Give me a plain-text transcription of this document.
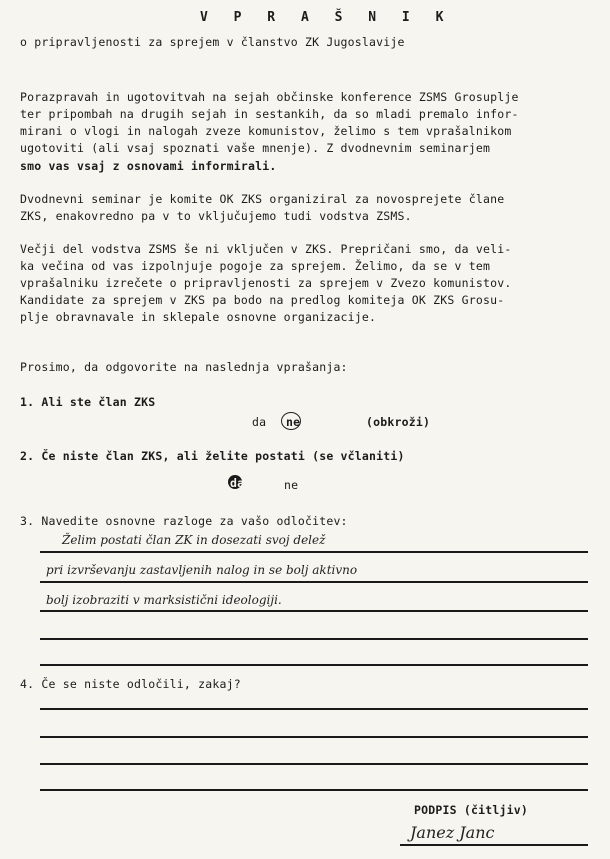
V P R A Š N I K
o pripravljenosti za sprejem v članstvo ZK Jugoslavije
Porazpravah in ugotovitvah na sejah občinske konference ZSMS Grosuplje
ter pripombah na drugih sejah in sestankih, da so mladi premalo infor-
mirani o vlogi in nalogah zveze komunistov, želimo s tem vprašalnikom
ugotoviti (ali vsaj spoznati vaše mnenje). Z dvodnevnim seminarjem
smo vas vsaj z osnovami informirali.
Dvodnevni seminar je komite OK ZKS organiziral za novosprejete člane
ZKS, enakovredno pa v to vključujemo tudi vodstva ZSMS.
Večji del vodstva ZSMS še ni vključen v ZKS. Prepričani smo, da veli-
ka večina od vas izpolnjuje pogoje za sprejem. Želimo, da se v tem
vprašalniku izrečete o pripravljenosti za sprejem v Zvezo komunistov.
Kandidate za sprejem v ZKS pa bodo na predlog komiteja OK ZKS Grosu-
plje obravnavale in sklepale osnovne organizacije.
Prosimo, da odgovorite na naslednja vprašanja:
1. Ali ste član ZKS
da ne	(obkroži)
2. Če niste član ZKS, ali želite postati (se včlaniti)
da	ne
3. Navedite osnovne razloge za vašo odločitev:
Želim postati član ZK in dosezati svoj delež
pri izvrševanju zastavljenih nalog in se bolj aktivno
bolj izobraziti v marksistični ideologiji.
4. Če se niste odločili, zakaj?
PODPIS (čitljiv)
Janez Janc
